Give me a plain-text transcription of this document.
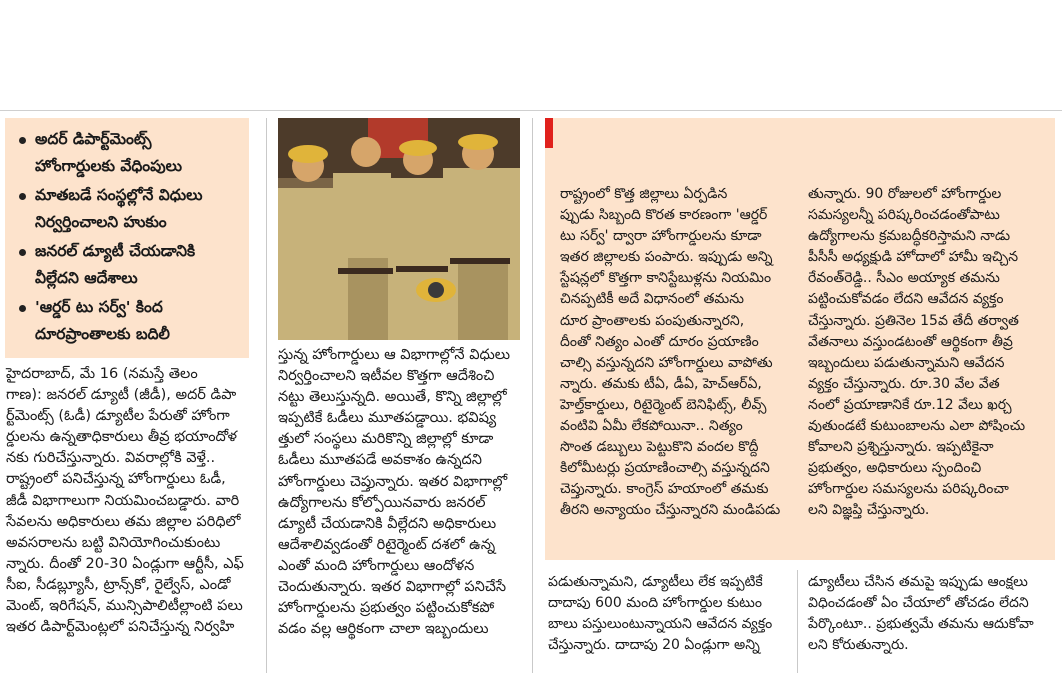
అదర్ డిపార్ట్‌మెంట్స్
హోంగార్డులకు వేధింపులు
మాతబడే సంస్థల్లోనే విధులు
నిర్వర్తించాలని హుకుం
జనరల్ డ్యూటీ చేయడానికి
వీల్లేదని ఆదేశాలు
'ఆర్డర్ టు సర్వ్' కింద
దూరప్రాంతాలకు బదిలీ
హైదరాబాద్, మే 16 (నమస్తే తెలం
గాణ): జనరల్ డ్యూటీ (జీడీ), అదర్ డిపా
ర్ట్‌మెంట్స్ (ఓడీ) డ్యూటీల పేరుతో హోంగా
ర్డులను ఉన్నతాధికారులు తీవ్ర భయాందోళ
నకు గురిచేస్తున్నారు. వివరాల్లోకి వెళ్తే..
రాష్ట్రంలో పనిచేస్తున్న హోంగార్డులు ఓడీ,
జీడీ విభాగాలుగా నియమించబడ్డారు. వారి
సేవలను అధికారులు తమ జిల్లాల పరిధిలో
అవసరాలను బట్టి వినియోగించుకుంటు
న్నారు. దీంతో 20-30 ఏండ్లుగా ఆర్టీసీ, ఎఫ్
సీఐ, సీడబ్ల్యూసీ, ట్రాన్స్‌కో, రైల్వేస్, ఎండో
మెంట్, ఇరిగేషన్, మున్సిపాలిటీల్లాంటి పలు
ఇతర డిపార్ట్‌మెంట్లలో పనిచేస్తున్న నిర్వహి
స్తున్న హోంగార్డులు ఆ విభాగాల్లోనే విధులు
నిర్వర్తించాలని ఇటీవల కొత్తగా ఆదేశించి
నట్టు తెలుస్తున్నది. అయితే, కొన్ని జిల్లాల్లో
ఇప్పటికే ఓడీలు మూతపడ్డాయి. భవిష్య
త్తులో సంస్థలు మరికొన్ని జిల్లాల్లో కూడా
ఓడీలు మూతపడే అవకాశం ఉన్నదని
హోంగార్డులు చెప్తున్నారు. ఇతర విభాగాల్లో
ఉద్యోగాలను కోల్పోయినవారు జనరల్
డ్యూటీ చేయడానికి వీల్లేదని అధికారులు
ఆదేశాలివ్వడంతో రిటైర్మెంట్ దశలో ఉన్న
ఎంతో మంది హోంగార్డులు ఆందోళన
చెందుతున్నారు. ఇతర విభాగాల్లో పనిచేసే
హోంగార్డులను ప్రభుత్వం పట్టించుకోకపో
వడం వల్ల ఆర్థికంగా చాలా ఇబ్బందులు
రాష్ట్రంలో కొత్త జిల్లాలు ఏర్పడిన
ప్పుడు సిబ్బంది కొరత కారణంగా 'ఆర్డర్
టు సర్వ్' ద్వారా హోంగార్డులను కూడా
ఇతర జిల్లాలకు పంపారు. ఇప్పుడు అన్ని
స్టేషన్లలో కొత్తగా కానిస్టేబుళ్లను నియమిం
చినప్పటికీ అదే విధానంలో తమను
దూర ప్రాంతాలకు పంపుతున్నారని,
దీంతో నిత్యం ఎంతో దూరం ప్రయాణిం
చాల్సి వస్తున్నదని హోంగార్డులు వాపోతు
న్నారు. తమకు టీఏ, డీఏ, హెచ్‌ఆర్‌ఏ,
హెల్త్‌కార్డులు, రిటైర్మెంట్ బెనిఫిట్స్, లీవ్స్
వంటివి ఏమీ లేకపోయినా.. నిత్యం
సొంత డబ్బులు పెట్టుకొని వందల కొద్దీ
కిలోమీటర్లు ప్రయాణించాల్సి వస్తున్నదని
చెప్తున్నారు. కాంగ్రెస్ హయాంలో తమకు
తీరని అన్యాయం చేస్తున్నారని మండిపడు
తున్నారు. 90 రోజులలో హోంగార్డుల
సమస్యలన్నీ పరిష్కరించడంతోపాటు
ఉద్యోగాలను క్రమబద్ధీకరిస్తామని నాడు
పీసీసీ అధ్యక్షుడి హోదాలో హామీ ఇచ్చిన
రేవంత్‌రెడ్డి.. సీఎం అయ్యాక తమను
పట్టించుకోవడం లేదని ఆవేదన వ్యక్తం
చేస్తున్నారు. ప్రతినెల 15వ తేదీ తర్వాత
వేతనాలు వస్తుండటంతో ఆర్థికంగా తీవ్ర
ఇబ్బందులు పడుతున్నామని ఆవేదన
వ్యక్తం చేస్తున్నారు. రూ.30 వేల వేత
నంలో ప్రయాణానికే రూ.12 వేలు ఖర్చ
వుతుండటే కుటుంబాలను ఎలా పోషించు
కోవాలని ప్రశ్నిస్తున్నారు. ఇప్పటికైనా
ప్రభుత్వం, అధికారులు స్పందించి
హోంగార్డుల సమస్యలను పరిష్కరించా
లని విజ్ఞప్తి చేస్తున్నారు.
పడుతున్నామని, డ్యూటీలు లేక ఇప్పటికే
దాదాపు 600 మంది హోంగార్డుల కుటుం
బాలు పస్తులుంటున్నాయని ఆవేదన వ్యక్తం
చేస్తున్నారు. దాదాపు 20 ఏండ్లుగా అన్ని
డ్యూటీలు చేసిన తమపై ఇప్పుడు ఆంక్షలు
విధించడంతో ఏం చేయాలో తోచడం లేదని
పేర్కొంటూ.. ప్రభుత్వమే తమను ఆదుకోవా
లని కోరుతున్నారు.
